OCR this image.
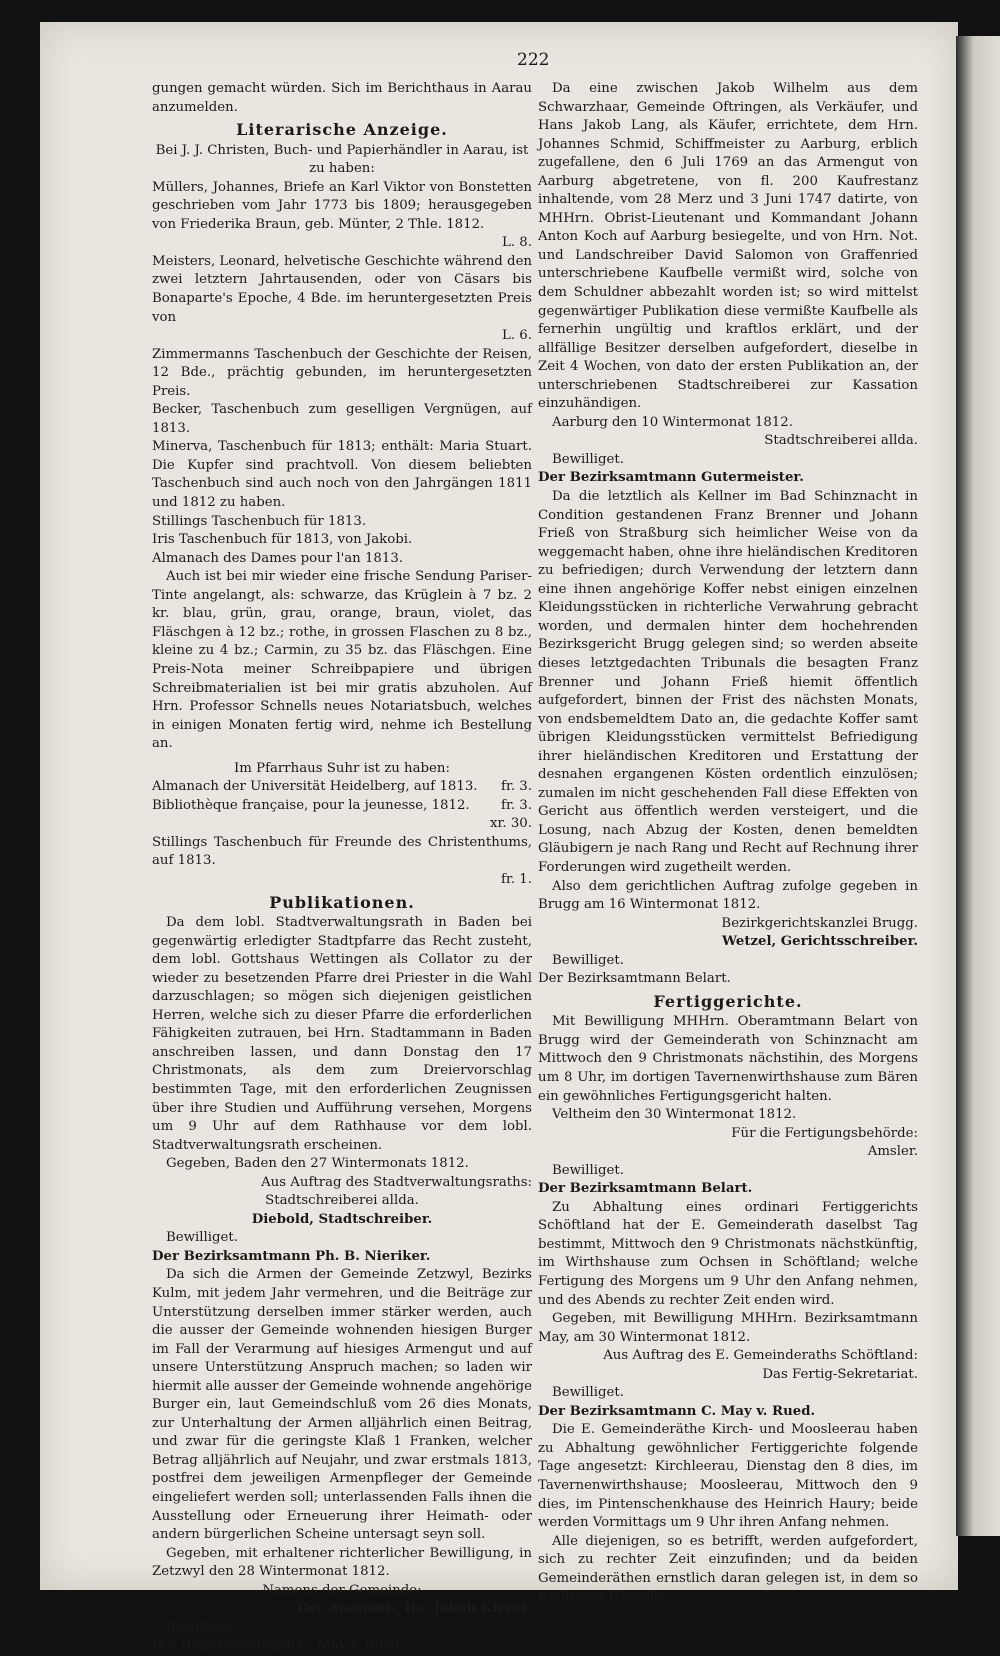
222

gungen gemacht würden. Sich im Berichthaus in Aarau anzumelden.

Literarische Anzeige.

Bei J. J. Christen, Buch- und Papierhändler in Aarau, ist zu haben:

Müllers, Johannes, Briefe an Karl Viktor von Bonstetten geschrieben vom Jahr 1773 bis 1809; herausgegeben von Friederika Braun, geb. Münter, 2 Thle. 1812.

L. 8.

Meisters, Leonard, helvetische Geschichte während den zwei letztern Jahrtausenden, oder von Cäsars bis Bonaparte's Epoche, 4 Bde. im heruntergesetzten Preis von

L. 6.

Zimmermanns Taschenbuch der Geschichte der Reisen, 12 Bde., prächtig gebunden, im heruntergesetzten Preis.

Becker, Taschenbuch zum geselligen Vergnügen, auf 1813.

Minerva, Taschenbuch für 1813; enthält: Maria Stuart. Die Kupfer sind prachtvoll. Von diesem beliebten Taschenbuch sind auch noch von den Jahrgängen 1811 und 1812 zu haben.

Stillings Taschenbuch für 1813.

Iris Taschenbuch für 1813, von Jakobi.

Almanach des Dames pour l'an 1813.

Auch ist bei mir wieder eine frische Sendung Pariser-Tinte angelangt, als: schwarze, das Krüglein à 7 bz. 2 kr. blau, grün, grau, orange, braun, violet, das Fläschgen à 12 bz.; rothe, in grossen Flaschen zu 8 bz., kleine zu 4 bz.; Carmin, zu 35 bz. das Fläschgen. Eine Preis-Nota meiner Schreibpapiere und übrigen Schreibmaterialien ist bei mir gratis abzuholen. Auf Hrn. Professor Schnells neues Notariatsbuch, welches in einigen Monaten fertig wird, nehme ich Bestellung an.

Im Pfarrhaus Suhr ist zu haben:

Almanach der Universität Heidelberg, auf 1813. fr. 3.
Bibliothèque française, pour la jeunesse, 1812. fr. 3.

xr. 30.

Stillings Taschenbuch für Freunde des Christenthums, auf 1813.

fr. 1.

Publikationen.

Da dem lobl. Stadtverwaltungsrath in Baden bei gegenwärtig erledigter Stadtpfarre das Recht zusteht, dem lobl. Gottshaus Wettingen als Collator zu der wieder zu besetzenden Pfarre drei Priester in die Wahl darzuschlagen; so mögen sich diejenigen geistlichen Herren, welche sich zu dieser Pfarre die erforderlichen Fähigkeiten zutrauen, bei Hrn. Stadtammann in Baden anschreiben lassen, und dann Donstag den 17 Christmonats, als dem zum Dreiervorschlag bestimmten Tage, mit den erforderlichen Zeugnissen über ihre Studien und Aufführung versehen, Morgens um 9 Uhr auf dem Rathhause vor dem lobl. Stadtverwaltungsrath erscheinen.

Gegeben, Baden den 27 Wintermonats 1812.

Aus Auftrag des Stadtverwaltungsraths:

Stadtschreiberei allda.

Diebold, Stadtschreiber.

Bewilliget.

Der Bezirksamtmann Ph. B. Nieriker.

Da sich die Armen der Gemeinde Zetzwyl, Bezirks Kulm, mit jedem Jahr vermehren, und die Beiträge zur Unterstützung derselben immer stärker werden, auch die ausser der Gemeinde wohnenden hiesigen Burger im Fall der Verarmung auf hiesiges Armengut und auf unsere Unterstützung Anspruch machen; so laden wir hiermit alle ausser der Gemeinde wohnende angehörige Burger ein, laut Gemeindschluß vom 26 dies Monats, zur Unterhaltung der Armen alljährlich einen Beitrag, und zwar für die geringste Klaß 1 Franken, welcher Betrag alljährlich auf Neujahr, und zwar erstmals 1813, postfrei dem jeweiligen Armenpfleger der Gemeinde eingeliefert werden soll; unterlassenden Falls ihnen die Ausstellung oder Erneuerung ihrer Heimath- oder andern bürgerlichen Scheine untersagt seyn soll.

Gegeben, mit erhaltener richterlicher Bewilligung, in Zetzwyl den 28 Wintermonat 1812.

Namens der Gemeinde:

Der Ammann, Hs. Jakob Kiezer.

Bewilliget.

Der Bezirksamtmann C. May v. Rued.

Da eine zwischen Jakob Wilhelm aus dem Schwarzhaar, Gemeinde Oftringen, als Verkäufer, und Hans Jakob Lang, als Käufer, errichtete, dem Hrn. Johannes Schmid, Schiffmeister zu Aarburg, erblich zugefallene, den 6 Juli 1769 an das Armengut von Aarburg abgetretene, von fl. 200 Kaufrestanz inhaltende, vom 28 Merz und 3 Juni 1747 datirte, von MHHrn. Obrist-Lieutenant und Kommandant Johann Anton Koch auf Aarburg besiegelte, und von Hrn. Not. und Landschreiber David Salomon von Graffenried unterschriebene Kaufbelle vermißt wird, solche von dem Schuldner abbezahlt worden ist; so wird mittelst gegenwärtiger Publikation diese vermißte Kaufbelle als fernerhin ungültig und kraftlos erklärt, und der allfällige Besitzer derselben aufgefordert, dieselbe in Zeit 4 Wochen, von dato der ersten Publikation an, der unterschriebenen Stadtschreiberei zur Kassation einzuhändigen.

Aarburg den 10 Wintermonat 1812.

Stadtschreiberei allda.

Bewilliget.

Der Bezirksamtmann Gutermeister.

Da die letztlich als Kellner im Bad Schinznacht in Condition gestandenen Franz Brenner und Johann Frieß von Straßburg sich heimlicher Weise von da weggemacht haben, ohne ihre hieländischen Kreditoren zu befriedigen; durch Verwendung der letztern dann eine ihnen angehörige Koffer nebst einigen einzelnen Kleidungsstücken in richterliche Verwahrung gebracht worden, und dermalen hinter dem hochehrenden Bezirksgericht Brugg gelegen sind; so werden abseite dieses letztgedachten Tribunals die besagten Franz Brenner und Johann Frieß hiemit öffentlich aufgefordert, binnen der Frist des nächsten Monats, von endsbemeldtem Dato an, die gedachte Koffer samt übrigen Kleidungsstücken vermittelst Befriedigung ihrer hieländischen Kreditoren und Erstattung der desnahen ergangenen Kösten ordentlich einzulösen; zumalen im nicht geschehenden Fall diese Effekten von Gericht aus öffentlich werden versteigert, und die Losung, nach Abzug der Kosten, denen bemeldten Gläubigern je nach Rang und Recht auf Rechnung ihrer Forderungen wird zugetheilt werden.

Also dem gerichtlichen Auftrag zufolge gegeben in Brugg am 16 Wintermonat 1812.

Bezirkgerichtskanzlei Brugg.

Wetzel, Gerichtsschreiber.

Bewilliget.

Der Bezirksamtmann Belart.

Fertiggerichte.

Mit Bewilligung MHHrn. Oberamtmann Belart von Brugg wird der Gemeinderath von Schinznacht am Mittwoch den 9 Christmonats nächstihin, des Morgens um 8 Uhr, im dortigen Tavernenwirthshause zum Bären ein gewöhnliches Fertigungsgericht halten.

Veltheim den 30 Wintermonat 1812.

Für die Fertigungsbehörde:

Amsler.

Bewilliget.

Der Bezirksamtmann Belart.

Zu Abhaltung eines ordinari Fertiggerichts Schöftland hat der E. Gemeinderath daselbst Tag bestimmt, Mittwoch den 9 Christmonats nächstkünftig, im Wirthshause zum Ochsen in Schöftland; welche Fertigung des Morgens um 9 Uhr den Anfang nehmen, und des Abends zu rechter Zeit enden wird.

Gegeben, mit Bewilligung MHHrn. Bezirksamtmann May, am 30 Wintermonat 1812.

Aus Auftrag des E. Gemeinderaths Schöftland:

Das Fertig-Sekretariat.

Bewilliget.

Der Bezirksamtmann C. May v. Rued.

Die E. Gemeinderäthe Kirch- und Moosleerau haben zu Abhaltung gewöhnlicher Fertiggerichte folgende Tage angesetzt: Kirchleerau, Dienstag den 8 dies, im Tavernenwirthshause; Moosleerau, Mittwoch den 9 dies, im Pintenschenkhause des Heinrich Haury; beide werden Vormittags um 9 Uhr ihren Anfang nehmen.

Alle diejenigen, so es betrifft, werden aufgefordert, sich zu rechter Zeit einzufinden; und da beiden Gemeinderäthen ernstlich daran gelegen ist, in dem so wichtigen Hypothe-
